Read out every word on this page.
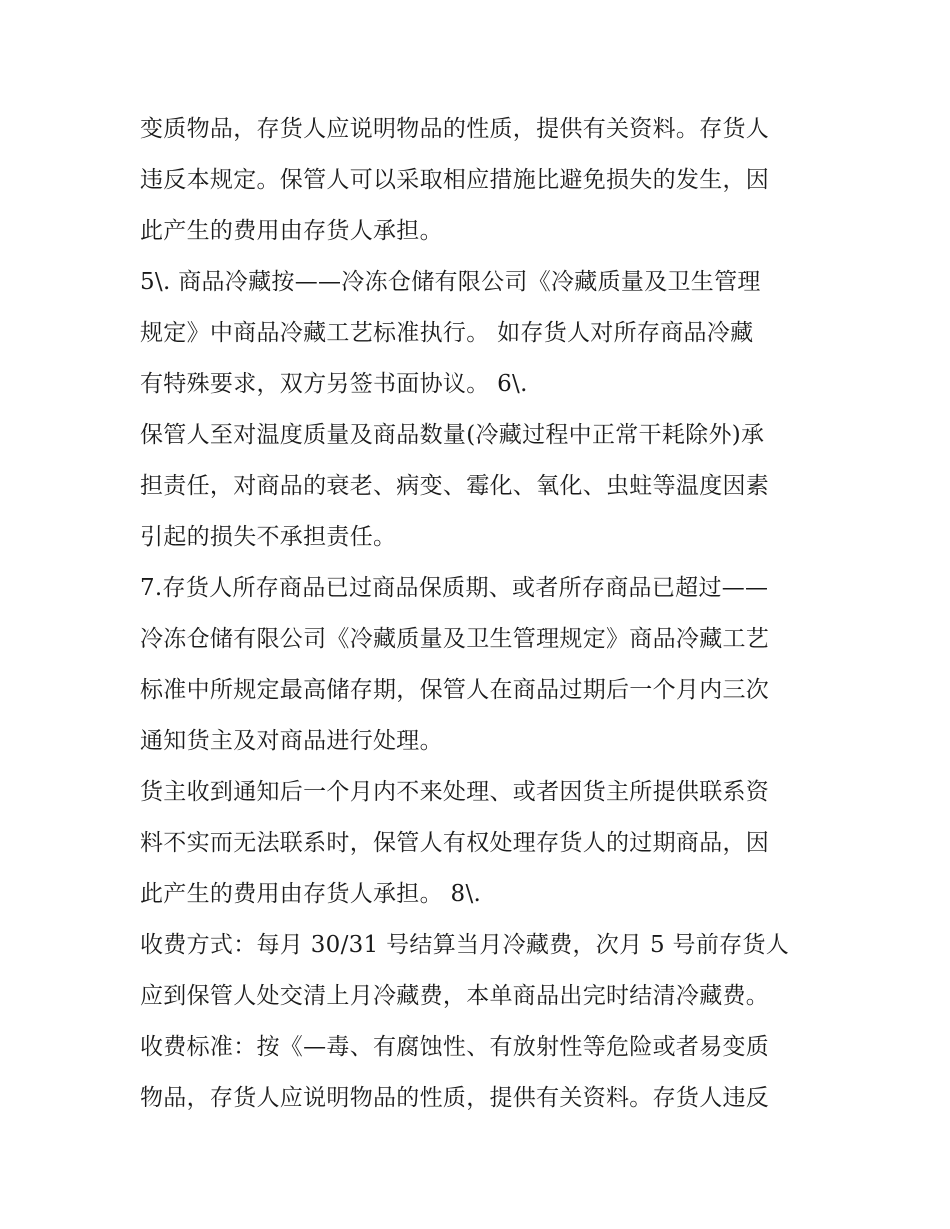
变质物品，存货人应说明物品的性质，提供有关资料。存货人
违反本规定。保管人可以采取相应措施比避免损失的发生，因
此产生的费用由存货人承担。
5\. 商品冷藏按——冷冻仓储有限公司《冷藏质量及卫生管理
规定》中商品冷藏工艺标准执行。 如存货人对所存商品冷藏
有特殊要求，双方另签书面协议。 6\.
保管人至对温度质量及商品数量(冷藏过程中正常干耗除外)承
担责任，对商品的衰老、病变、霉化、氧化、虫蛀等温度因素
引起的损失不承担责任。
7.存货人所存商品已过商品保质期、或者所存商品已超过——
冷冻仓储有限公司《冷藏质量及卫生管理规定》商品冷藏工艺
标准中所规定最高储存期，保管人在商品过期后一个月内三次
通知货主及对商品进行处理。
货主收到通知后一个月内不来处理、或者因货主所提供联系资
料不实而无法联系时，保管人有权处理存货人的过期商品，因
此产生的费用由存货人承担。 8\.
收费方式：每月 30/31 号结算当月冷藏费，次月 5 号前存货人
应到保管人处交清上月冷藏费，本单商品出完时结清冷藏费。
收费标准：按《—毒、有腐蚀性、有放射性等危险或者易变质
物品，存货人应说明物品的性质，提供有关资料。存货人违反
